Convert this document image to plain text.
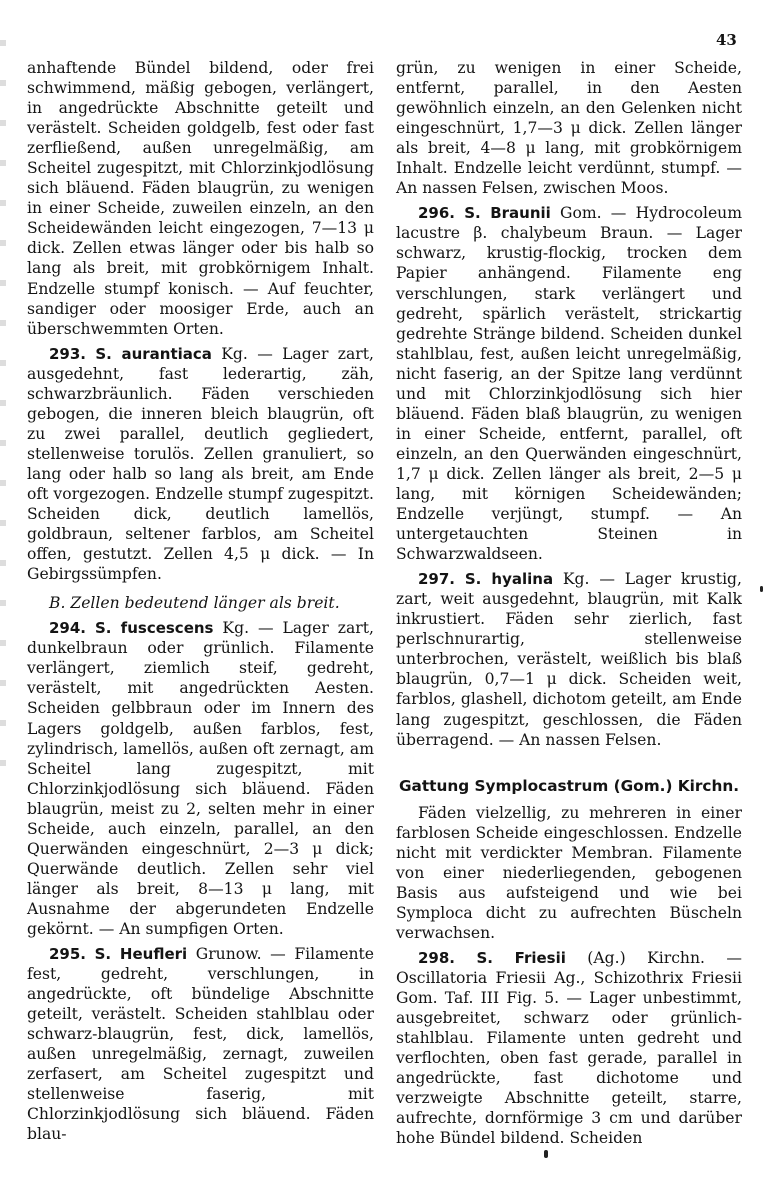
43

anhaftende Bündel bildend, oder frei schwimmend, mäßig gebogen, verlängert, in angedrückte Abschnitte geteilt und verästelt. Scheiden goldgelb, fest oder fast zerfließend, außen unregelmäßig, am Scheitel zugespitzt, mit Chlorzinkjodlösung sich bläuend. Fäden blaugrün, zu wenigen in einer Scheide, zuweilen einzeln, an den Scheidewänden leicht eingezogen, 7—13 μ dick. Zellen etwas länger oder bis halb so lang als breit, mit grobkörnigem Inhalt. Endzelle stumpf konisch. — Auf feuchter, sandiger oder moosiger Erde, auch an überschwemmten Orten.

293. S. aurantiaca Kg. — Lager zart, ausgedehnt, fast lederartig, zäh, schwarzbräunlich. Fäden verschieden gebogen, die inneren bleich blaugrün, oft zu zwei parallel, deutlich gegliedert, stellenweise torulös. Zellen granuliert, so lang oder halb so lang als breit, am Ende oft vorgezogen. Endzelle stumpf zugespitzt. Scheiden dick, deutlich lamellös, goldbraun, seltener farblos, am Scheitel offen, gestutzt. Zellen 4,5 μ dick. — In Gebirgssümpfen.

B. Zellen bedeutend länger als breit.

294. S. fuscescens Kg. — Lager zart, dunkelbraun oder grünlich. Filamente verlängert, ziemlich steif, gedreht, verästelt, mit angedrückten Aesten. Scheiden gelbbraun oder im Innern des Lagers goldgelb, außen farblos, fest, zylindrisch, lamellös, außen oft zernagt, am Scheitel lang zugespitzt, mit Chlorzinkjodlösung sich bläuend. Fäden blaugrün, meist zu 2, selten mehr in einer Scheide, auch einzeln, parallel, an den Querwänden eingeschnürt, 2—3 μ dick; Querwände deutlich. Zellen sehr viel länger als breit, 8—13 μ lang, mit Ausnahme der abgerundeten Endzelle gekörnt. — An sumpfigen Orten.

295. S. Heufleri Grunow. — Filamente fest, gedreht, verschlungen, in angedrückte, oft bündelige Abschnitte geteilt, verästelt. Scheiden stahlblau oder schwarz-blaugrün, fest, dick, lamellös, außen unregelmäßig, zernagt, zuweilen zerfasert, am Scheitel zugespitzt und stellenweise faserig, mit Chlorzinkjodlösung sich bläuend. Fäden blau-

grün, zu wenigen in einer Scheide, entfernt, parallel, in den Aesten gewöhnlich einzeln, an den Gelenken nicht eingeschnürt, 1,7—3 μ dick. Zellen länger als breit, 4—8 μ lang, mit grobkörnigem Inhalt. Endzelle leicht verdünnt, stumpf. — An nassen Felsen, zwischen Moos.

296. S. Braunii Gom. — Hydrocoleum lacustre β. chalybeum Braun. — Lager schwarz, krustig-flockig, trocken dem Papier anhängend. Filamente eng verschlungen, stark verlängert und gedreht, spärlich verästelt, strickartig gedrehte Stränge bildend. Scheiden dunkel stahlblau, fest, außen leicht unregelmäßig, nicht faserig, an der Spitze lang verdünnt und mit Chlorzinkjodlösung sich hier bläuend. Fäden blaß blaugrün, zu wenigen in einer Scheide, entfernt, parallel, oft einzeln, an den Querwänden eingeschnürt, 1,7 μ dick. Zellen länger als breit, 2—5 μ lang, mit körnigen Scheidewänden; Endzelle verjüngt, stumpf. — An untergetauchten Steinen in Schwarzwaldseen.

297. S. hyalina Kg. — Lager krustig, zart, weit ausgedehnt, blaugrün, mit Kalk inkrustiert. Fäden sehr zierlich, fast perlschnurartig, stellenweise unterbrochen, verästelt, weißlich bis blaß blaugrün, 0,7—1 μ dick. Scheiden weit, farblos, glashell, dichotom geteilt, am Ende lang zugespitzt, geschlossen, die Fäden überragend. — An nassen Felsen.

Gattung Symplocastrum (Gom.) Kirchn.

Fäden vielzellig, zu mehreren in einer farblosen Scheide eingeschlossen. Endzelle nicht mit verdickter Membran. Filamente von einer niederliegenden, gebogenen Basis aus aufsteigend und wie bei Symploca dicht zu aufrechten Büscheln verwachsen.

298. S. Friesii (Ag.) Kirchn. — Oscillatoria Friesii Ag., Schizothrix Friesii Gom. Taf. III Fig. 5. — Lager unbestimmt, ausgebreitet, schwarz oder grünlich-stahlblau. Filamente unten gedreht und verflochten, oben fast gerade, parallel in angedrückte, fast dichotome und verzweigte Abschnitte geteilt, starre, aufrechte, dornförmige 3 cm und darüber hohe Bündel bildend. Scheiden
